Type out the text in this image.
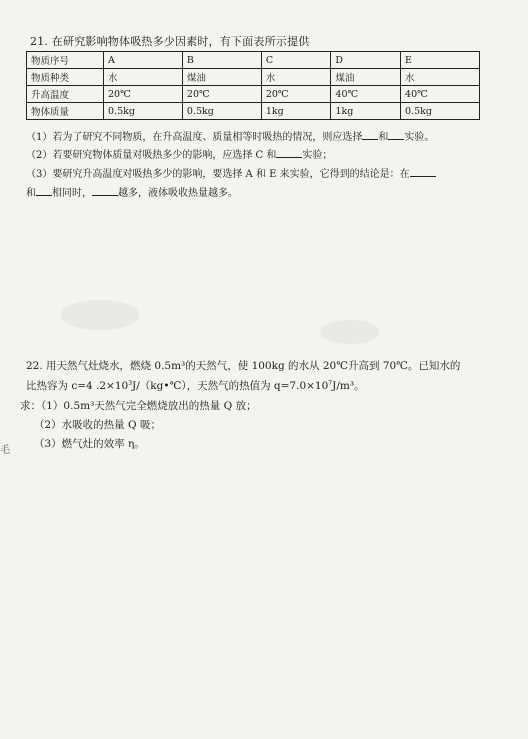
21. 在研究影响物体吸热多少因素时，有下面表所示提供
物质序号	A	B	C	D	E
物质种类	水	煤油	水	煤油	水
升高温度	20℃	20℃	20℃	40℃	40℃
物体质量	0.5kg	0.5kg	1kg	1kg	0.5kg
（1）若为了研究不同物质，在升高温度、质量相等时吸热的情况，则应选择 和 实验。
（2）若要研究物体质量对吸热多少的影响，应选择 C 和	实验；
（3）要研究升高温度对吸热多少的影响，要选择 A 和 E 来实验，它得到的结论是：在
和 相同时，	越多，液体吸收热量越多。
22. 用天然气灶烧水，燃烧 0.5m³的天然气，使 100kg 的水从 20℃升高到 70℃。已知水的
比热容为 c=4 $.2\times 10^3J/(kg•℃)$，天然气的热值为 $q=7.0\times 10^7J/m^3$。
求：（1）0.5m³天然气完全燃烧放出的热量 Q 放；
（2）水吸收的热量 Q 吸；
（3）燃气灶的效率 η。
毛
